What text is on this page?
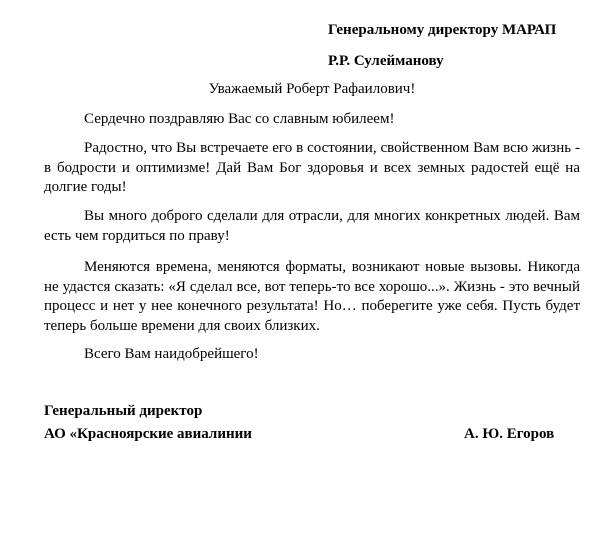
Генеральному директору МАРАП
Р.Р. Сулейманову
Уважаемый Роберт Рафаилович!

Сердечно поздравляю Вас со славным юбилеем!

Радостно, что Вы встречаете его в состоянии, свойственном Вам всю жизнь - в бодрости и оптимизме! Дай Вам Бог здоровья и всех земных радостей ещё на долгие годы!

Вы много доброго сделали для отрасли, для многих конкретных людей. Вам есть чем гордиться по праву!

Меняются времена, меняются форматы, возникают новые вызовы. Никогда не удастся сказать: «Я сделал все, вот теперь-то все хорошо...». Жизнь - это вечный процесс и нет у нее конечного результата! Но… поберегите уже себя. Пусть будет теперь больше времени для своих близких.

Всего Вам наидобрейшего!

Генеральный директор
АО «Красноярские авиалинии	А. Ю. Егоров
